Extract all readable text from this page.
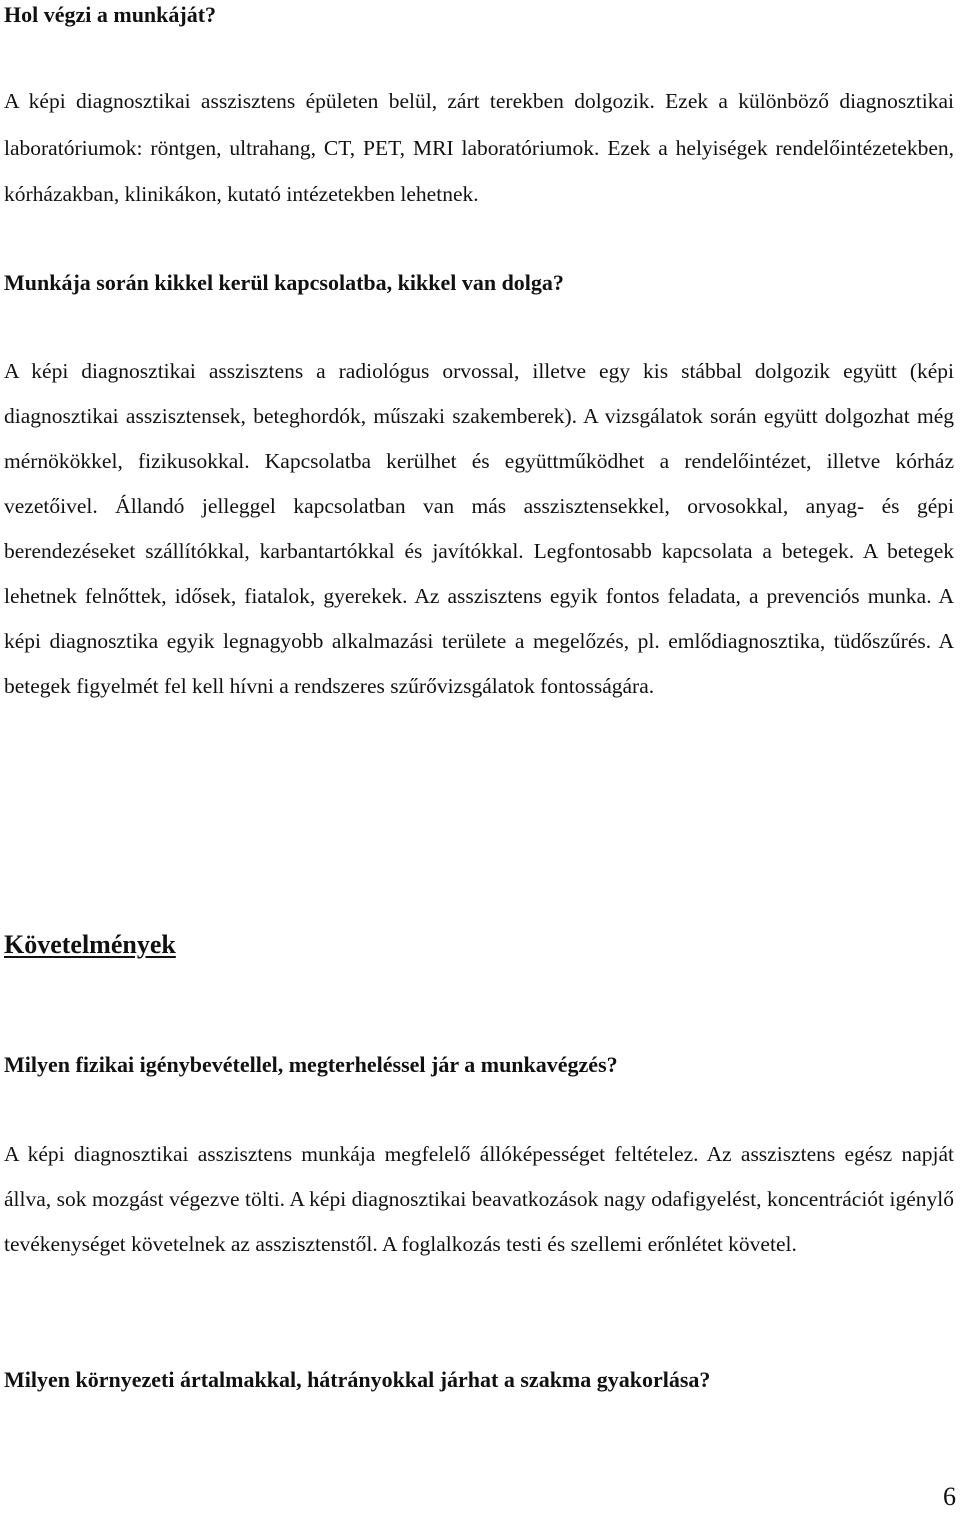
Hol végzi a munkáját?

A képi diagnosztikai asszisztens épületen belül, zárt terekben dolgozik. Ezek a különböző diagnosztikai laboratóriumok: röntgen, ultrahang, CT, PET, MRI laboratóriumok. Ezek a helyiségek rendelőintézetekben, kórházakban, klinikákon, kutató intézetekben lehetnek.

Munkája során kikkel kerül kapcsolatba, kikkel van dolga?

A képi diagnosztikai asszisztens a radiológus orvossal, illetve egy kis stábbal dolgozik együtt (képi diagnosztikai asszisztensek, beteghordók, műszaki szakemberek). A vizsgálatok során együtt dolgozhat még mérnökökkel, fizikusokkal. Kapcsolatba kerülhet és együttműködhet a rendelőintézet, illetve kórház vezetőivel. Állandó jelleggel kapcsolatban van más asszisztensekkel, orvosokkal, anyag- és gépi berendezéseket szállítókkal, karbantartókkal és javítókkal. Legfontosabb kapcsolata a betegek. A betegek lehetnek felnőttek, idősek, fiatalok, gyerekek. Az asszisztens egyik fontos feladata, a prevenciós munka. A képi diagnosztika egyik legnagyobb alkalmazási területe a megelőzés, pl. emlődiagnosztika, tüdőszűrés. A betegek figyelmét fel kell hívni a rendszeres szűrővizsgálatok fontosságára.

Követelmények
Milyen fizikai igénybevétellel, megterheléssel jár a munkavégzés?

A képi diagnosztikai asszisztens munkája megfelelő állóképességet feltételez. Az asszisztens egész napját állva, sok mozgást végezve tölti. A képi diagnosztikai beavatkozások nagy odafigyelést, koncentrációt igénylő tevékenységet követelnek az asszisztenstől. A foglalkozás testi és szellemi erőnlétet követel.

Milyen környezeti ártalmakkal, hátrányokkal járhat a szakma gyakorlása?
6
